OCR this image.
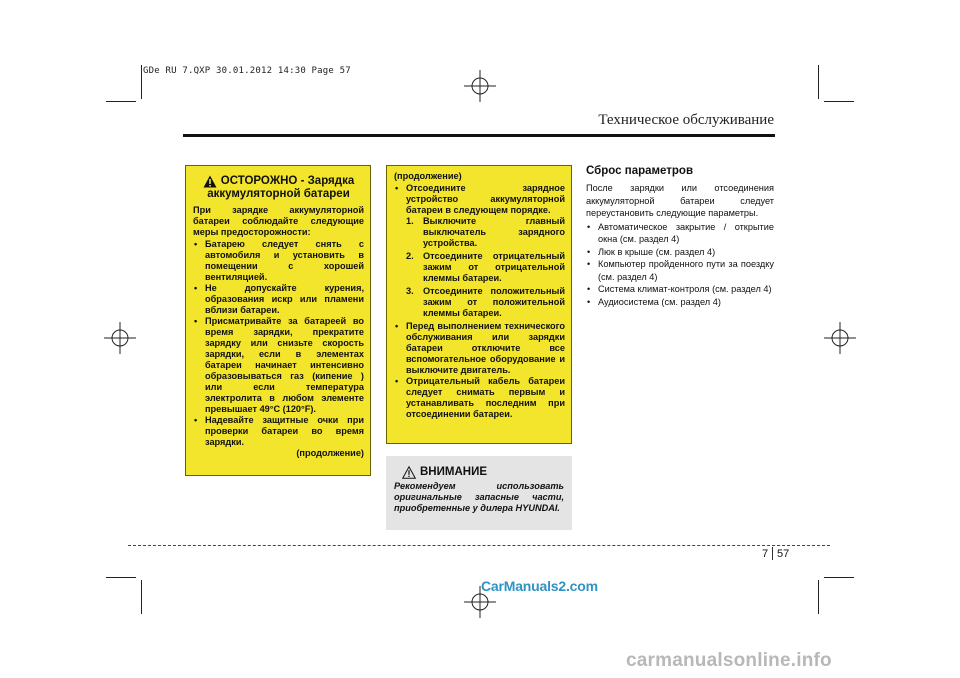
GDe RU 7.QXP 30.01.2012 14:30 Page 57
Техническое обслуживание
ОСТОРОЖНО - Зарядка
аккумуляторной батареи

При зарядке аккумуляторной батареи соблюдайте следующие меры предосторожности:

• Батарею следует снять с автомобиля и установить в помещении с хорошей вентиляцией.

• Не допускайте курения, образования искр или пламени вблизи батареи.

• Присматривайте за батареей во время зарядки, прекратите зарядку или снизьте скорость зарядки, если в элементах батареи начинает интенсивно образовываться газ (кипение ) или если температура электролита в любом элементе превышает 49°C (120°F).

• Надевайте защитные очки при проверки батареи во время зарядки.

(продолжение)

(продолжение)

• Отсоедините зарядное устройство аккумуляторной батареи в следующем порядке.

1. Выключите главный выключатель зарядного устройства.
2. Отсоедините отрицательный зажим от отрицательной клеммы батареи.
3. Отсоедините положительный зажим от положительной клеммы батареи.

• Перед выполнением технического обслуживания или зарядки батареи отключите все вспомогательное оборудование и выключите двигатель.

• Отрицательный кабель батареи следует снимать первым и устанавливать последним при отсоединении батареи.

ВНИМАНИЕ

Рекомендуем использовать оригинальные запасные части, приобретенные у дилера HYUNDAI.

Сброс параметров

После зарядки или отсоединения аккумуляторной батареи следует переустановить следующие параметры.

• Автоматическое закрытие / открытие окна (см. раздел 4)

• Люк в крыше (см. раздел 4)

• Компьютер пройденного пути за поездку (см. раздел 4)

• Система климат-контроля (см. раздел 4)

• Аудиосистема (см. раздел 4)

7 57
CarManuals2.com
carmanualsonline.info
